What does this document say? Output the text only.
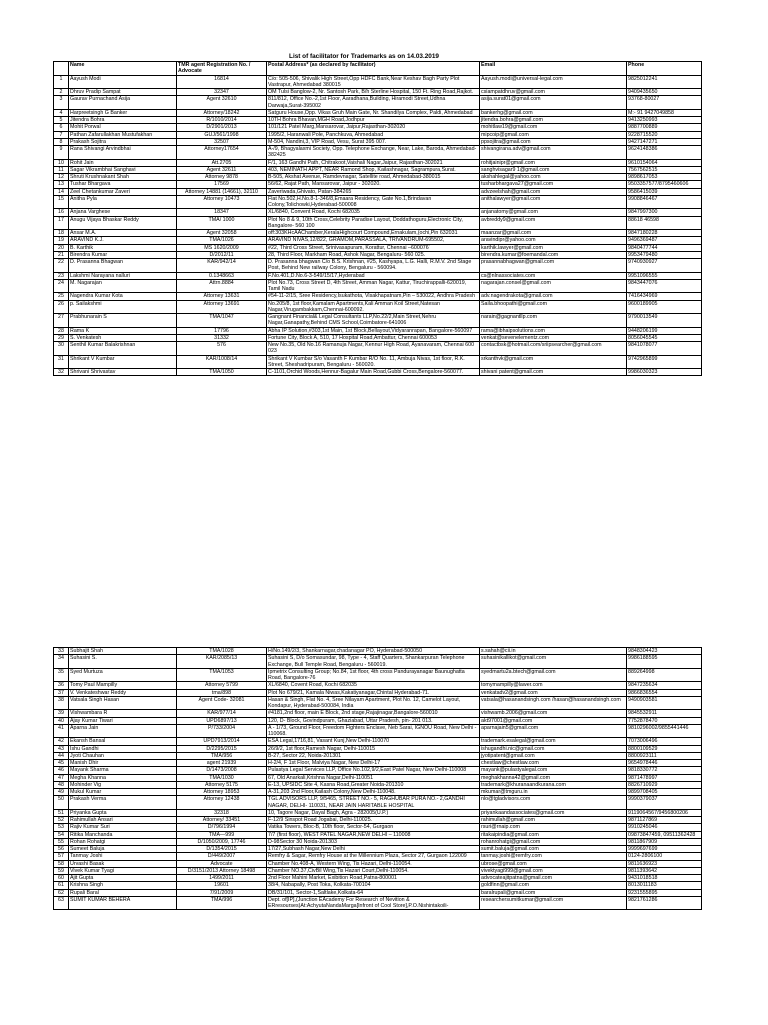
List of facilitator for Trademarks as on 14.03.2019
	Name	TMR agent Registration No. / Advocate	Postal Address* (as declared by facilitator)	Email	Phone
1	Aayush Modi	16814	C/o: 505-506, Shivalik High Street,Opp HDFC Bank,Near Keshav Bagh Party Plot Vastrapur, Ahmedabad 380015	Aayush.modi@universal-legal.com	9825012241
2	Dhruv Pradip Sampat	32347	OM Tulsi Banglow-2, Nr. Santosh Park, B/h Sterline Hospital, 150 Ft. Ring Road,Rajkot.	csiampatdhruv@gmail.com	9409435650
3	Gaurav Purnachand Asija	Agent 32610	811/812, Office No.-2,1st Floor, Aaradhana,Building, Hiramodi Street,Udhna Darwaja,Surat-395002	asija.surat01@gmail.com	93768-80027
4	Harpreetsingh G Banker	Attorney/18242	Satguru House,Opp. Vikas Gruh Main Gate, Nr. Shandilya Complex, Paldi, Ahmedabad	bankerhg@gmail.com	M:- 91 9427049858
5	Jitendra Bohra	R/1010/2014	10TH Bohra Bhavan,MGH Road,Jodhpur	jitendra.bohra@gmail.com	9413250993
6	Mohit Porwal	D/2901/2013	101/121 Patel Marg,Mansarovar, Jaipur,Rajasthan-302020	mohitlaw19@gmail.com	9887700889
7	Pathan Zafarullakhan Mustufakhan	GUJ/561/1998	1995/2, Haranwali Pole, Panchkuva, Ahmedabad	mipcoip@gmail.com	9228715520
8	Prakash Sojitra	32507	M-504, Nandini,3, VIP Road, Vesu, Surat 395 007.	ppsojitra@gmail.com	9427147271
9	Rana Shivangi Arvindbhai	Attorney17654	A-/9, Bhagyalaxmi Society, Opp. Telephone Exchange, Near, Lake, Baroda, Ahmedabad-382425	shivangirana.adv@gmail.com	9624148386
10	Rohit Jain	Att.2705	F/1, 163 Gandhi Path, Chitrakoot,Vaishali Nagar,Jaipur, Rajasthan-302021	rohitjainipr@gmail.com	9610154064
11	Sagar Vikrambhai Sanghavi	Agent 32611	403, NEMINATH APPT, NEAR Ramond Shop, Kailashnagar, Sagrampura,Surat.	sanghvisagar9 1@gmail.com	7567562515
12	Shruti Krushnakant Shah	Attorney 9878	B-505, Akshat Avenue, Ramdevnagar, Satellite road, Ahmedabad-380015	akshahlegal@yahoo.com	9898617053
13	Tushar Bhargava	17569	56/62, Rajat Path, Mansarovar, Jaipur - 302020.	tusharbhargava27@gmail.com	9503357577/8795460606
14	Zeel Chetankumar Zaveri	Attorney 14881 (14661), 32110	Zaveriwada,Ghivato, Patan-384265	advzeelshah@gmail.com	9586415039
15	Anitha Pyla	Attorney 10473	Flat No.502,H.No.8-1-346/8,Emaara Residency, Gate No.1,Brindavan Colony,Tolichowki,Hyderabad-500008	anithalawyer@gmail.com	9908846467
16	Anjana Varghese	18347	XL/6840, Convent Road, Kochi 682035	anjanatomy@gmail.com	9847997300
17	Anugu Vijaya Bhaskar Reddy	TMA/ 1000	Plot No 8 & 9, 10th Cross,Celebrity Paradise Layout, Doddathoguru,Electronic City, Bangalore- 560 100	avbreddy9@gmail.com	88618 46598
18	Ansar M.A.	Agent 32058	off:303KHcAAChamber,KeralaHighcourt Compound,Ernakulam,(ochi,Pin 632031	maanzar@gmail.com	9847180228
19	ARAVIND K.J.	TMA/1026	ARAVIND NIVAS,12/822, GRAMOM,PARASSALA, TRIVANDRUM-695502,	aravindipr@yahoo.com	9496369487
20	B. Karthik	MS 1620/2009	#22, Third Cross Street, Srinivasapuram, Korattur, Chennai –600076`	karthik.lawyer@gmail.com	9840477744
21	Birendra Kumar	D/2012/11	28, Third Floor, Markham Road, Ashok Nagar, Bengaluru- 560 025.	birendra.kumar@foemandal.com	9953479480
22	D. Prasanna Bhagwan	KAR/942/14	D. Prasanna bhagwan C/o B.S. Krishnan, #25, Kashyapa, L.G. Halli, R.M.V. 2nd Stage Post, Behind New railway Colony, Bengaluru - 560094.	prasannabhagwan@gmail.com	9740930927
23	Lakshmi Narayana nalluri	0.1348663	F.No.401,D.No.6-3-549/15/17,Hyderabad	cs@nlnassociates.com	9951096555
24	M. Nagarajan	Attrn.8884	Plot No.73, Cross Street D, 4th Street, Amman Nagar, Kattur, Tiruchirappalli-620019, Tamil Nadu	nagarajan.consel@gmail.com	9843447076
25	Nagendra Kumar Kota	Attorney 13631	#54-11-2/15, Sree Residency,Isukathota, Visakhapatnam,Pin – 530022, Andhra Pradesh	adv.nagendrakota@gmail.com	7416434969
26	p. Sailakshmi	Attorney 13691	No.205/8, 1st floor,Kamalam Apartments,Kali Amman Koil Street,Natesan Nagar,Virugambakkam,Chennai-600092.	Saila.bhoopathi@gmail.com	9600189905
27	Prabhunarain S	TMA/1047	Gangnant Financial& Legal Consultants LLP,No.22/2,Main Street,Nehru Nagar,Ganapathy,Behind CMS School,Coimbatore-641006	narain@gagnantllp.com	9790013549
28	Rama K	17796	Abha IP Solution,#303,1st Main, 1st Block,Bellayout,Vidyaranrapan, Bangalore-560097	rama@ibhaipsolutions.com	9448206199
29	S. Venkatesh	31332	Fortune City, Block A, 510, 17 Hospital Road,Ambattur, Chennai 600053	venkat@sevenelementz.com	8056045545
30	Senthil Kumar Balakrishnan	576	New No.35, Old No.16 Ramanuja Nagar, Kennur High Road, Ayanavaram, Chennai 600 023	contactbsk@hotmail.com/sriipsearcher@gmail.com	9841078077
31	Shrikant V Kumbar	KAR/1008/14	Shrikant V Kumbar S/o Vasanth F Kumbar R/O No. 11, Ambuja Nivas, 1st floor, R.K. Street, Sheshadripuram, Bengaluru - 560020.	srkanthvk@gmail.com	9742965899
32	Shrivani Shrivastav	TMA/1050	C-1101,Orchid Woods,Hennur-Bagalur Main Road,Gubbi Cross,Bengalore-560077.	shivani patent@gmail.com	9986030323
33	Subhajit Shah	TMA/1028	H/No.149/2/3, Shankarnagar,chadanagar PO, Hyderabad-500050	s.sahah@cii.in	9848304423
34	Suhasini S.	KAR/2085/13	Suhasini S, D/o Somasundar, 98, Type - 4, Staff Quarters, Shankarpuran Telephone Exchange, Bull Temple Road, Bengaluru - 560019.	suhasinikallikot@gmail.com	9986188595
35	Syed Murtuza	TMA/1053	Ipmetrix Consulting Group; No.84, 1st floor, 4th cross Pandurayanagar Baunughatta Road, Bangalore-76	syedmartu2a.btech@gmail.com	889264998
36	Tomy Paul Mampilly	Attorney 5799	XL/6840, Covent Road, Kochi 682035	tomymampilly@lawer.com	9847235634
37	V. Venkateshwar Reddy	tma/898	Plot No 679/21, Kamala Niwas,Kakatiyanagar,Chintal Hyderabad-71.	venkatadv2@gmail.com	9866836554
38	Vatsala Singh Hasan	Agent Code- 32081	Hasan & Singh, Flat No. 4, Sree Nilayam Apartment, Plot No. 12, Camelot Layout, Kondapur, Hyderabad-500084, India	vatsala@hasanandsingh.com /hasan@hasanandsingh.com	9490903581
39	Vishwambara R	KAR/977/14	#4181,2nd floor, main E Block, 2nd stage,Rajajinagar,Bangalore-560010	vishwamb.2006@gmail.com	9845532911
40	Ajay Kumar Tiwari	UPD6897/13	120, D- Block, Govindpuram, Ghaziabad, Uttar Pradesh, pin- 201 013.	akt97001@gmail.com	7752878470
41	Aparna Jain	P/733/2004	A - 1/73, Ground Floor, Freedom Fighters Enclave, Neb Sarai, IGNOU Road, New Delhi - 110068.	aparnajain5@gmail.com	9810296002/9855441446
42	Ekansh Bansal	UPD7913/2014	ESA Legal,1716,81, Vasant Kunj,New Delhi-110070	trademark.esalegal@gmail.com	7073006496
43	Ishu Gandhi	D/2295/2015	26/9/2, 1st floor,Ramesh Nagar, Delhi-110015	ishugandhi.nic@gmail.com	8800109529
44	Jyoti Chauhan	TMA/956	B-27, Sector 22, Noida-201301	jyotipatent@gmail.com	8800923111
45	Manish Dhir	agent 21939	H-2/4, F 1st Floor, Malviya Nagar, New Delhi-17	chestlaw@chestlaw.com	9654978446
46	Mayank Sharma	D/1473/2008	Pulastya Legal Services LLP, Office No.102,9/2,East Patel Nagar, New Delhi-110008	mayank@pulastyalegal.com	9818330772
47	Megha Khanna	TMA/1030	67, Old Anarkali,Krishna Nagar,Delhi-110051	meghakhanna42@gmail.com	9871478997
48	Mohinder Vig	Attorney 5175	E-13, UPSIDC Site 4, Kasna Road,Greater Noida-201310	trademark@khuranaandkurana.com	8826710929
49	Mukul Kumar	Attorney 18953	A-31,203 2nd Floor,Kailash Colony,New Delhi-110048.	mkumar@tmguru.in	9899708405
50	Prakash Verma	Attorney 12438	TGL ADVISORS LLP, 9/5465, STREET NO.- 5, RAGHUBAR PURA NO.- 2,GANDHI NAGAR, DELHI- 110031, NEAR JAIN HARITABLE HOSPITAL	nlo@tgladvisors.com	9990379037
51	Priyanka Gupta	32318	10, Tagore Nagar, Dayal Bagh, Agra - 282005(U.P.)	priyankaandassociates@gmail.com	9119064567/9456800206
52	Rahimullah Ansari	Attorney/ 33451	F-12/9 Sinspot Road Jogabai, Delhi-110025.	rahimullah@gmail.com	9871127869
53	Rajiv Kumar Suri	D/796/1994	Vatika Towers, Bloc-B, 10th floor, Sector-54, Gurgaon	rsuri@rnaip.com	9910245046
54	Ritika Manchanda	TMA—999	7/7 (first floor), WEST PATEL NAGAR,NEW DELHI – 110008	ritakaipindia@gmail.com	09873847459, 09511362428
55	Rohan Rohatgi	D/1050/2009, 17746	D-98Sector 30 Noida-201303	rohanrohatgi@gmail.com	9811867909
56	Sumeet Baluja	D/1354/2015	17/27,Subhash Nagar,New Delhi	sumit.baluja@gmail.com	9999697699
57	Tanmay Joshi	D/449/2007	Remfry & Sagar, Remfry House at the Millennium Plaza, Sector 27, Gurgaon 122009	tanmay.joshi@remfry.com	0124-2806100
58	Urvashi Basak	Advocate	Chamber No.408-A, Western Wing, Tis Hazari, Delhi-110054.	ubrose@gmail.com	9811636923
59	Vivek Kumar Tyagi	D/3151/2013 Attorney 18498	Chamber NO.37,CivBil Wing,Tis Hazari Court,Delhi-110054.	vivektyagi999@gmail.com	9811393642
60	Ajit Gupta	1499/2011	2nd Floor Mahini Market, Exibition Road,Patna-800001	advocateajitpatna@gmail.com	9431018518
61	Krishna Singh	19601	38/4, Nabapally, Post Toka, Kolkata-700104	goldfinn@gmail.com	8013011183
62	Rupali Baral	7/91/2009	DB/31/101, Sector-1,Saltlake,Kolkata-64	baralrupali@gmail.com	9231555895
63	SUMIT KUMAR BEHERA	TMA/996	Dept. of[IP],(Junction EAcademy For Research of Nevition & ERresourses)At:AchyutaNandaMarga[Infront of Cool Store],P.O.Nishintakoili-	researchersumitkumar@gmail.com	9821761286
